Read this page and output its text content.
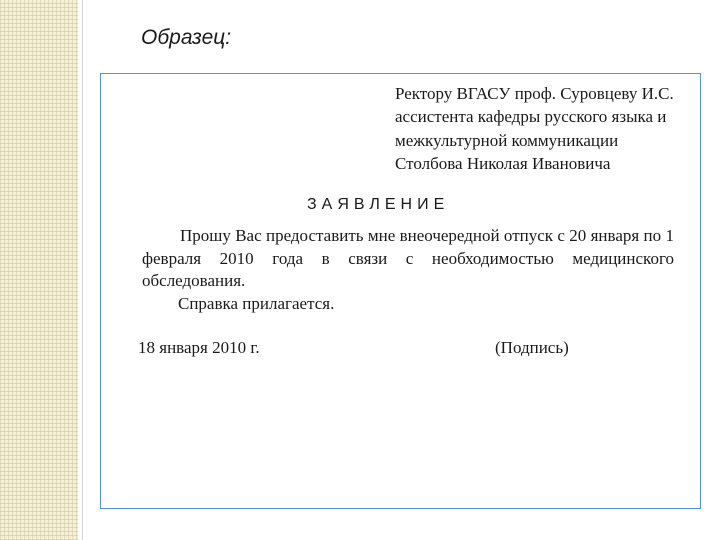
Образец:
Ректору ВГАСУ проф. Суровцеву И.С.
ассистента кафедры русского языка и
межкультурной коммуникации
Столбова Николая Ивановича
ЗАЯВЛЕНИЕ

Прошу Вас предоставить мне внеочередной отпуск с 20 января по 1 февраля 2010 года в связи с необходимостью медицинского обследования.

Справка прилагается.

18 января 2010 г.	(Подпись)
